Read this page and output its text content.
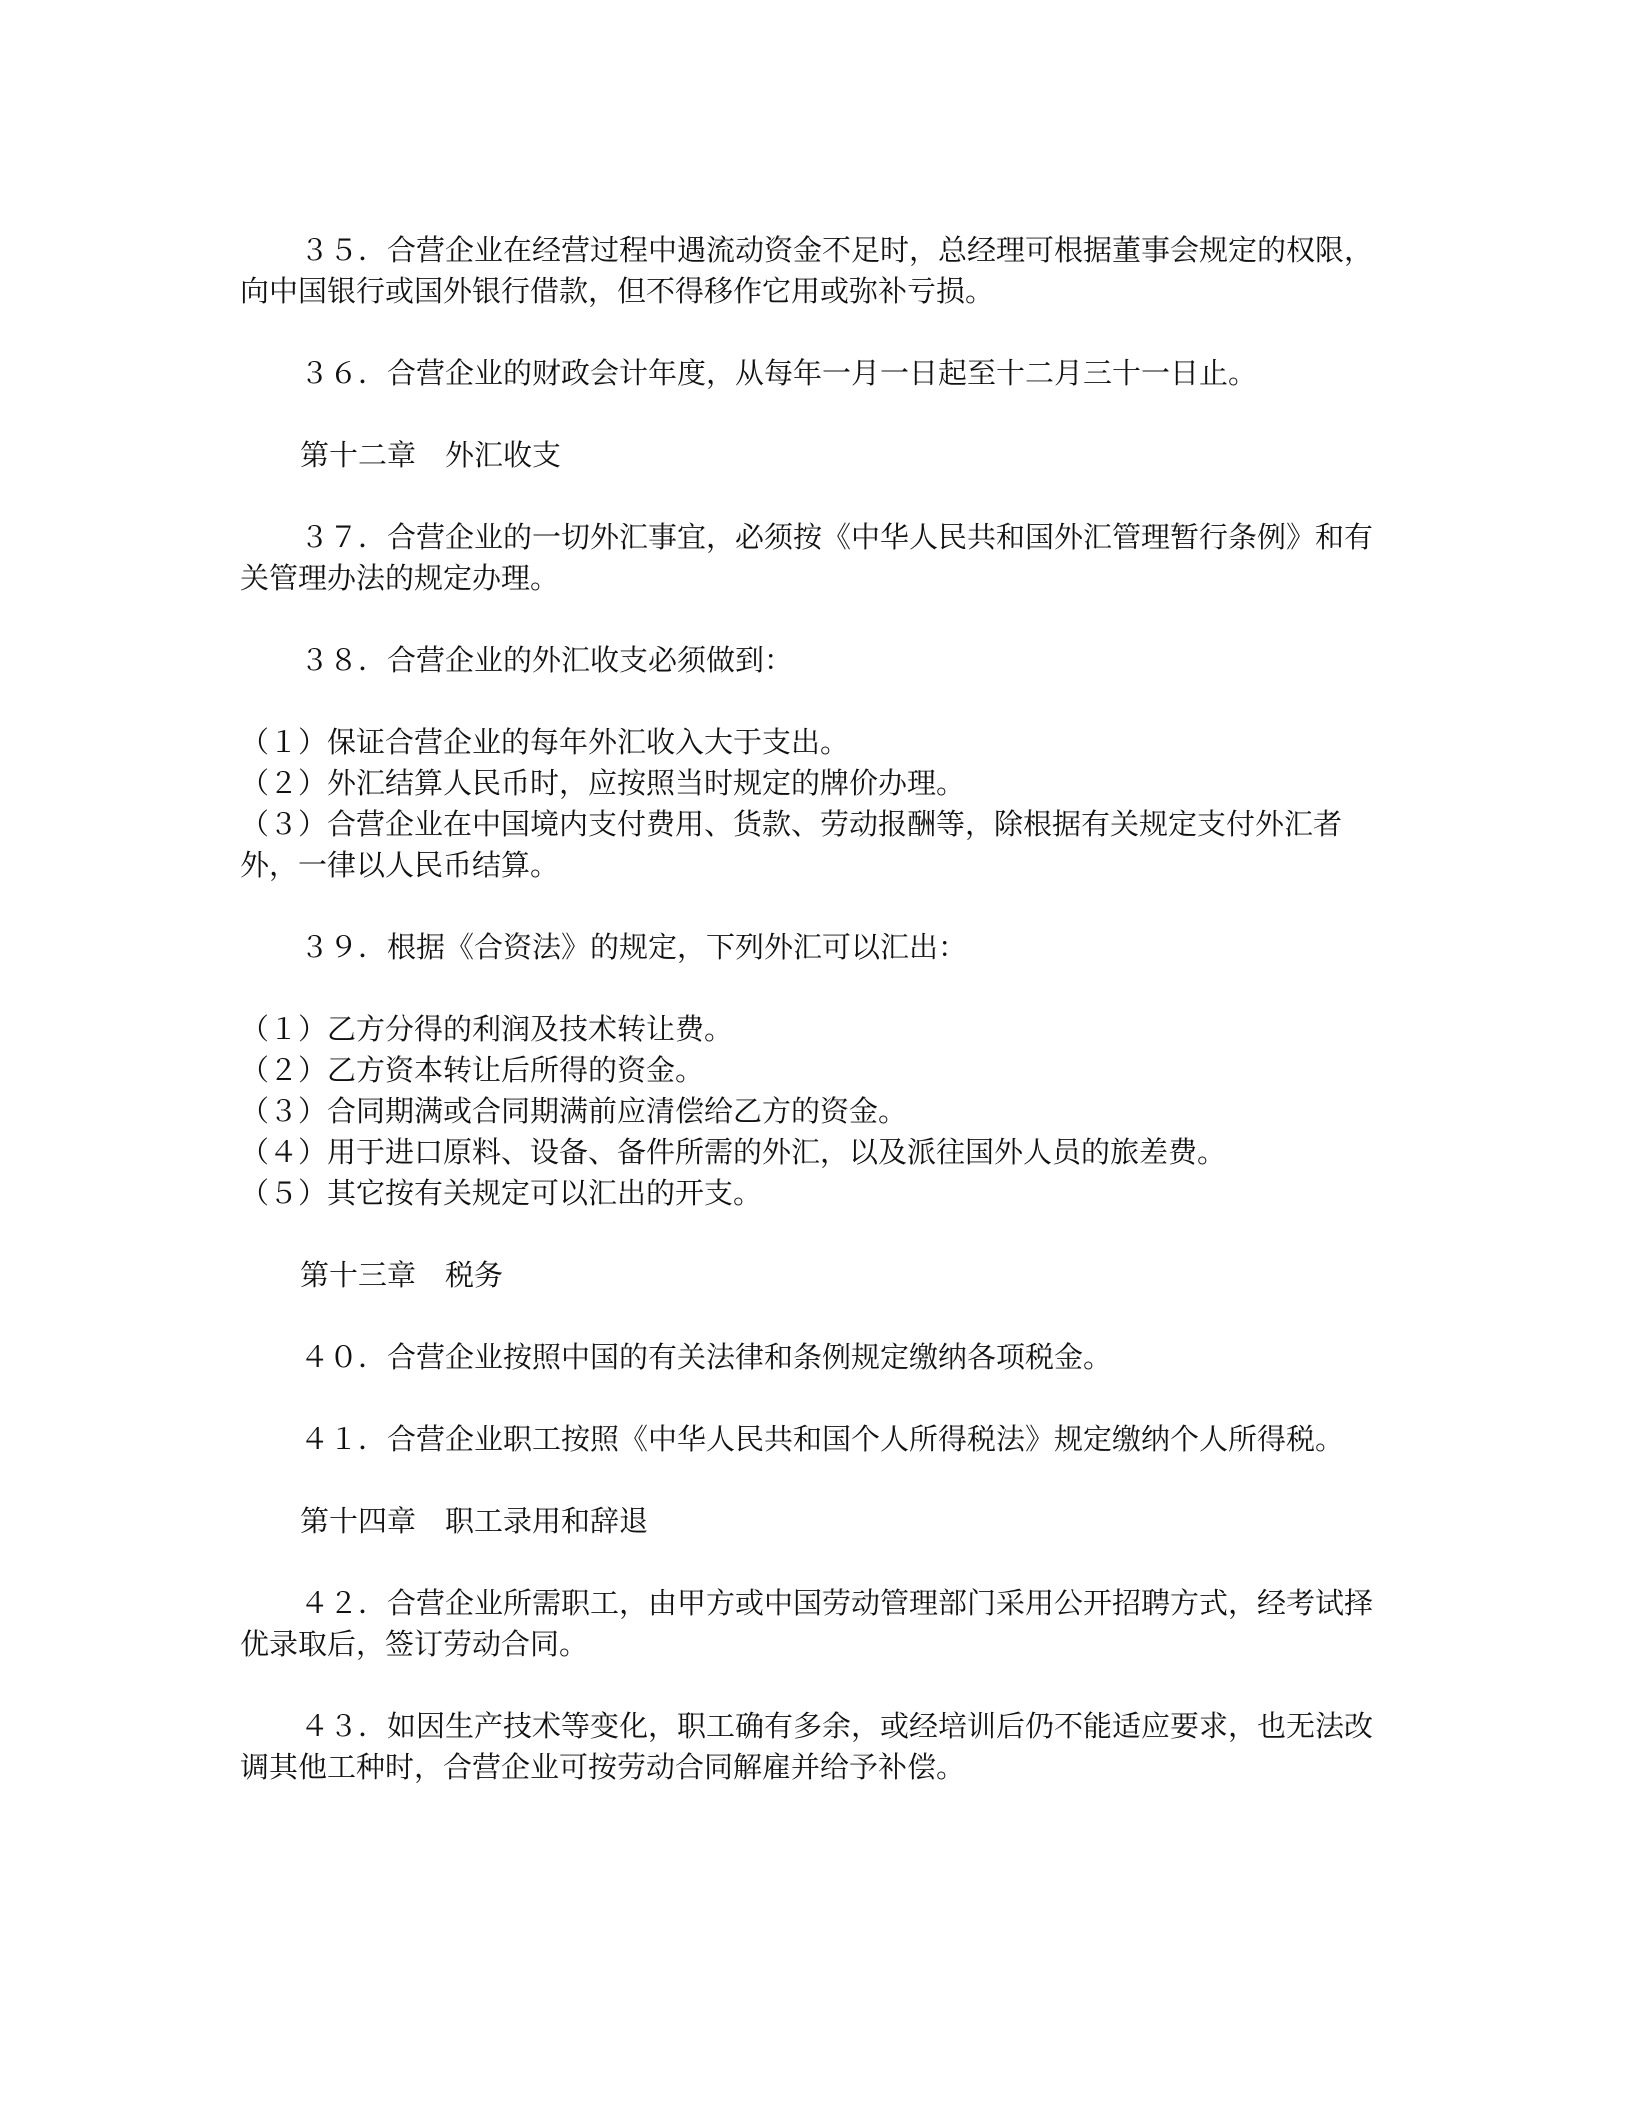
３５．合营企业在经营过程中遇流动资金不足时，总经理可根据董事会规定的权限，向中国银行或国外银行借款，但不得移作它用或弥补亏损。

３６．合营企业的财政会计年度，从每年一月一日起至十二月三十一日止。

第十二章　外汇收支

３７．合营企业的一切外汇事宜，必须按《中华人民共和国外汇管理暂行条例》和有关管理办法的规定办理。

３８．合营企业的外汇收支必须做到：

（１）保证合营企业的每年外汇收入大于支出。

（２）外汇结算人民币时，应按照当时规定的牌价办理。

（３）合营企业在中国境内支付费用、货款、劳动报酬等，除根据有关规定支付外汇者外，一律以人民币结算。

３９．根据《合资法》的规定，下列外汇可以汇出：

（１）乙方分得的利润及技术转让费。

（２）乙方资本转让后所得的资金。

（３）合同期满或合同期满前应清偿给乙方的资金。

（４）用于进口原料、设备、备件所需的外汇，以及派往国外人员的旅差费。

（５）其它按有关规定可以汇出的开支。

第十三章　税务

４０．合营企业按照中国的有关法律和条例规定缴纳各项税金。

４１．合营企业职工按照《中华人民共和国个人所得税法》规定缴纳个人所得税。

第十四章　职工录用和辞退

４２．合营企业所需职工，由甲方或中国劳动管理部门采用公开招聘方式，经考试择优录取后，签订劳动合同。

４３．如因生产技术等变化，职工确有多余，或经培训后仍不能适应要求，也无法改调其他工种时，合营企业可按劳动合同解雇并给予补偿。
